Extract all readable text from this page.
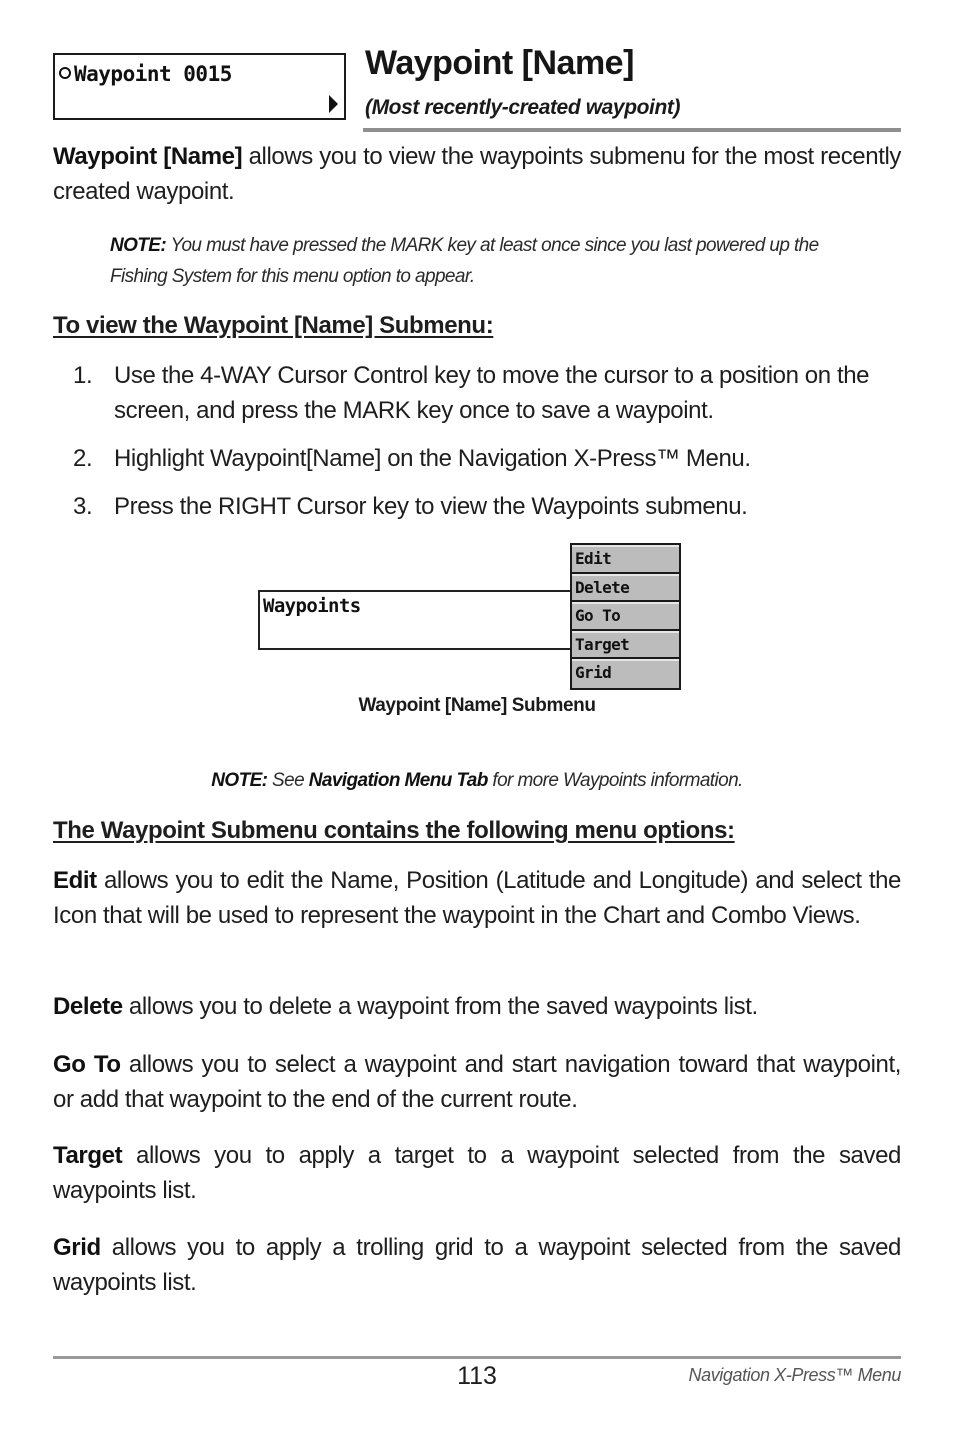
Waypoint 0015	Waypoint [Name]
(Most recently-created waypoint)

Waypoint [Name] allows you to view the waypoints submenu for the most recently created waypoint.

NOTE: You must have pressed the MARK key at least once since you last powered up the Fishing System for this menu option to appear.

To view the Waypoint [Name] Submenu:
1. Use the 4-WAY Cursor Control key to move the cursor to a position on the screen, and press the MARK key once to save a waypoint.
2. Highlight Waypoint[Name] on the Navigation X-Press™ Menu.
3. Press the RIGHT Cursor key to view the Waypoints submenu.
Waypoints
Edit
Delete
Go To
Target
Grid
Waypoint [Name] Submenu

NOTE: See Navigation Menu Tab for more Waypoints information.

The Waypoint Submenu contains the following menu options:

Edit allows you to edit the Name, Position (Latitude and Longitude) and select the Icon that will be used to represent the waypoint in the Chart and Combo Views.

Delete allows you to delete a waypoint from the saved waypoints list.

Go To allows you to select a waypoint and start navigation toward that waypoint, or add that waypoint to the end of the current route.

Target allows you to apply a target to a waypoint selected from the saved waypoints list.

Grid allows you to apply a trolling grid to a waypoint selected from the saved waypoints list.

113	Navigation X-Press™ Menu
